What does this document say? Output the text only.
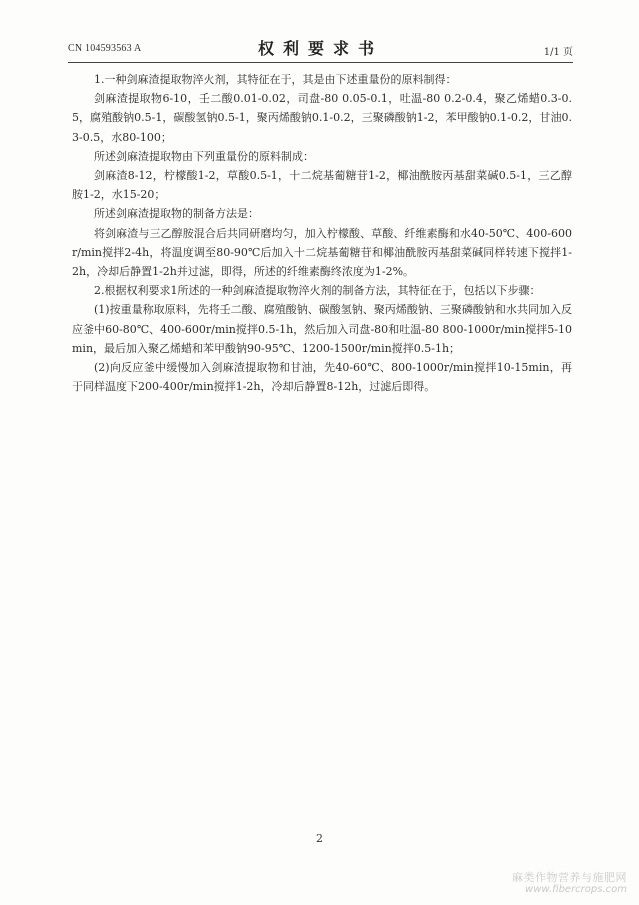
CN 104593563 A	权利要求书	1/1 页

1.一种剑麻渣提取物淬火剂，其特征在于，其是由下述重量份的原料制得：

剑麻渣提取物6-10，壬二酸0.01-0.02，司盘-80 0.05-0.1，吐温-80 0.2-0.4，聚乙烯蜡0.3-0.5，腐殖酸钠0.5-1，碳酸氢钠0.5-1，聚丙烯酸钠0.1-0.2，三聚磷酸钠1-2，苯甲酸钠0.1-0.2，甘油0.3-0.5，水80-100；

所述剑麻渣提取物由下列重量份的原料制成：

剑麻渣8-12，柠檬酸1-2，草酸0.5-1，十二烷基葡糖苷1-2，椰油酰胺丙基甜菜碱0.5-1，三乙醇胺1-2，水15-20；

所述剑麻渣提取物的制备方法是：

将剑麻渣与三乙醇胺混合后共同研磨均匀，加入柠檬酸、草酸、纤维素酶和水40-50℃、400-600r/min搅拌2-4h，将温度调至80-90℃后加入十二烷基葡糖苷和椰油酰胺丙基甜菜碱同样转速下搅拌1-2h，冷却后静置1-2h并过滤，即得，所述的纤维素酶终浓度为1-2%。

2.根据权利要求1所述的一种剑麻渣提取物淬火剂的制备方法，其特征在于，包括以下步骤：

(1)按重量称取原料，先将壬二酸、腐殖酸钠、碳酸氢钠、聚丙烯酸钠、三聚磷酸钠和水共同加入反应釜中60-80℃、400-600r/min搅拌0.5-1h，然后加入司盘-80和吐温-80 800-1000r/min搅拌5-10min，最后加入聚乙烯蜡和苯甲酸钠90-95℃、1200-1500r/min搅拌0.5-1h；

(2)向反应釜中缓慢加入剑麻渣提取物和甘油，先40-60℃、800-1000r/min搅拌10-15min，再于同样温度下200-400r/min搅拌1-2h，冷却后静置8-12h，过滤后即得。

2
麻类作物营养与施肥网
www.fibercrops.com
